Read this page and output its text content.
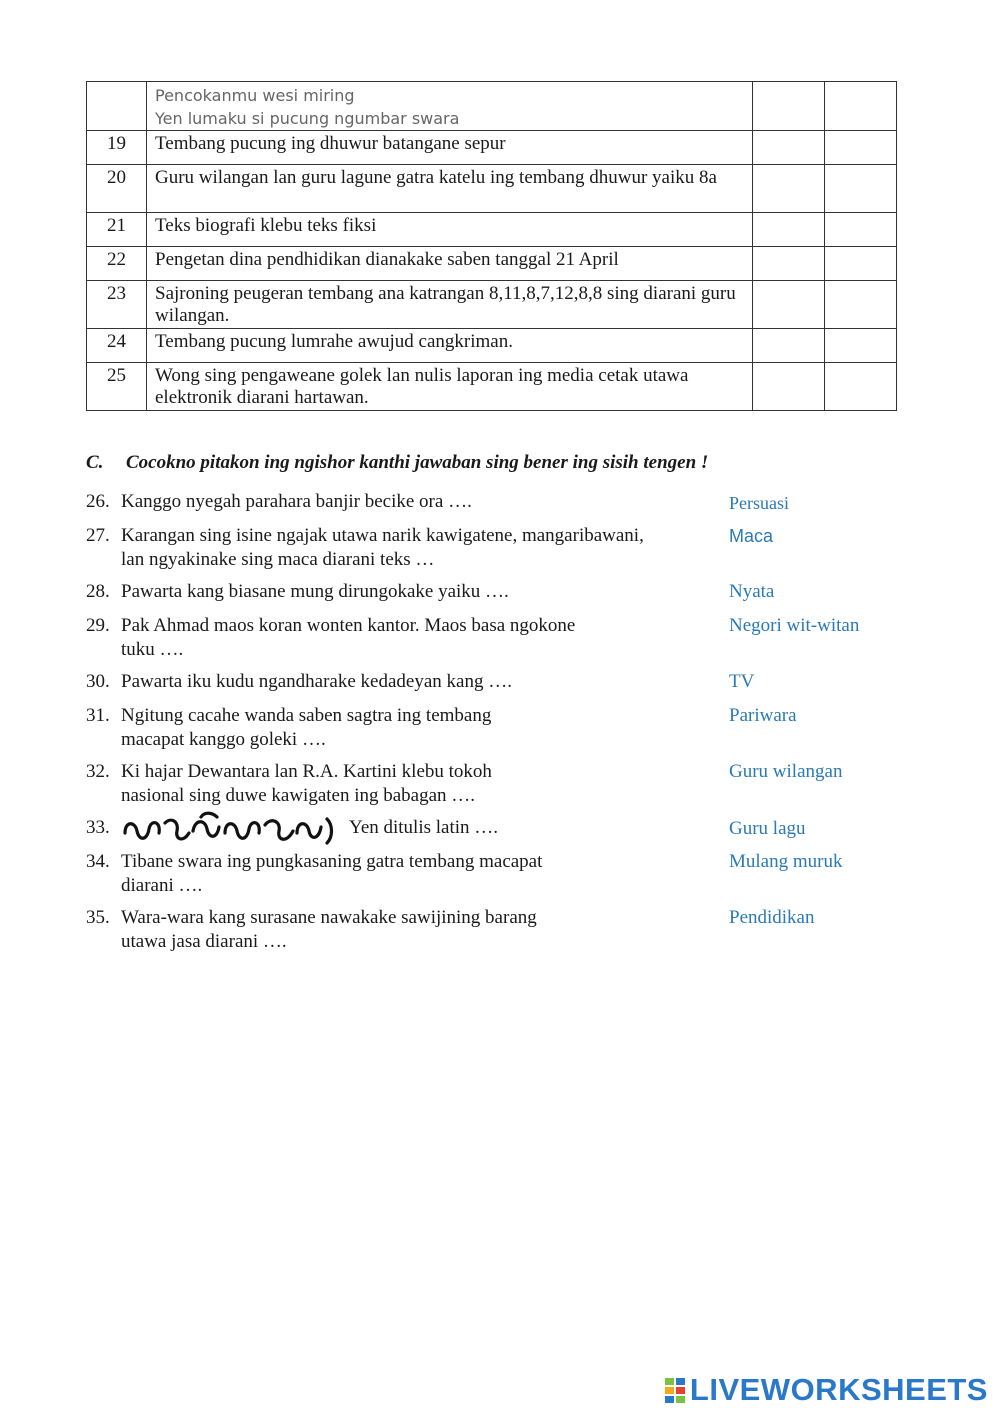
	Pencokanmu wesi miring
Yen lumaku si pucung ngumbar swara		

19	Tembang pucung ing dhuwur batangane sepur		
20	Guru wilangan lan guru lagune gatra katelu ing tembang dhuwur yaiku 8a		
21	Teks biografi klebu teks fiksi		
22	Pengetan dina pendhidikan dianakake saben tanggal 21 April		
23	Sajroning peugeran tembang ana katrangan 8,11,8,7,12,8,8 sing diarani guru wilangan.		
24	Tembang pucung lumrahe awujud cangkriman.		
25	Wong sing pengaweane golek lan nulis laporan ing media cetak utawa elektronik diarani hartawan.		
C. Cocokno pitakon ing ngishor kanthi jawaban sing bener ing sisih tengen !
26. Kanggo nyegah parahara banjir becike ora ….
27. Karangan sing isine ngajak utawa narik kawigatene, mangaribawani, lan ngyakinake sing maca diarani teks …
28. Pawarta kang biasane mung dirungokake yaiku ….
29. Pak Ahmad maos koran wonten kantor. Maos basa ngokone tuku ….
30. Pawarta iku kudu ngandharake kedadeyan kang ….
31. Ngitung cacahe wanda saben sagtra ing tembang macapat kanggo goleki ….
32. Ki hajar Dewantara lan R.A. Kartini klebu tokoh nasional sing duwe kawigaten ing babagan ….
33.	Yen ditulis latin ….
34. Tibane swara ing pungkasaning gatra tembang macapat diarani ….
35. Wara-wara kang surasane nawakake sawijining barang utawa jasa diarani ….
Persuasi
Maca
Nyata
Negori wit-witan
TV
Pariwara
Guru wilangan
Guru lagu
Mulang muruk
Pendidikan
LIVEWORKSHEETS
